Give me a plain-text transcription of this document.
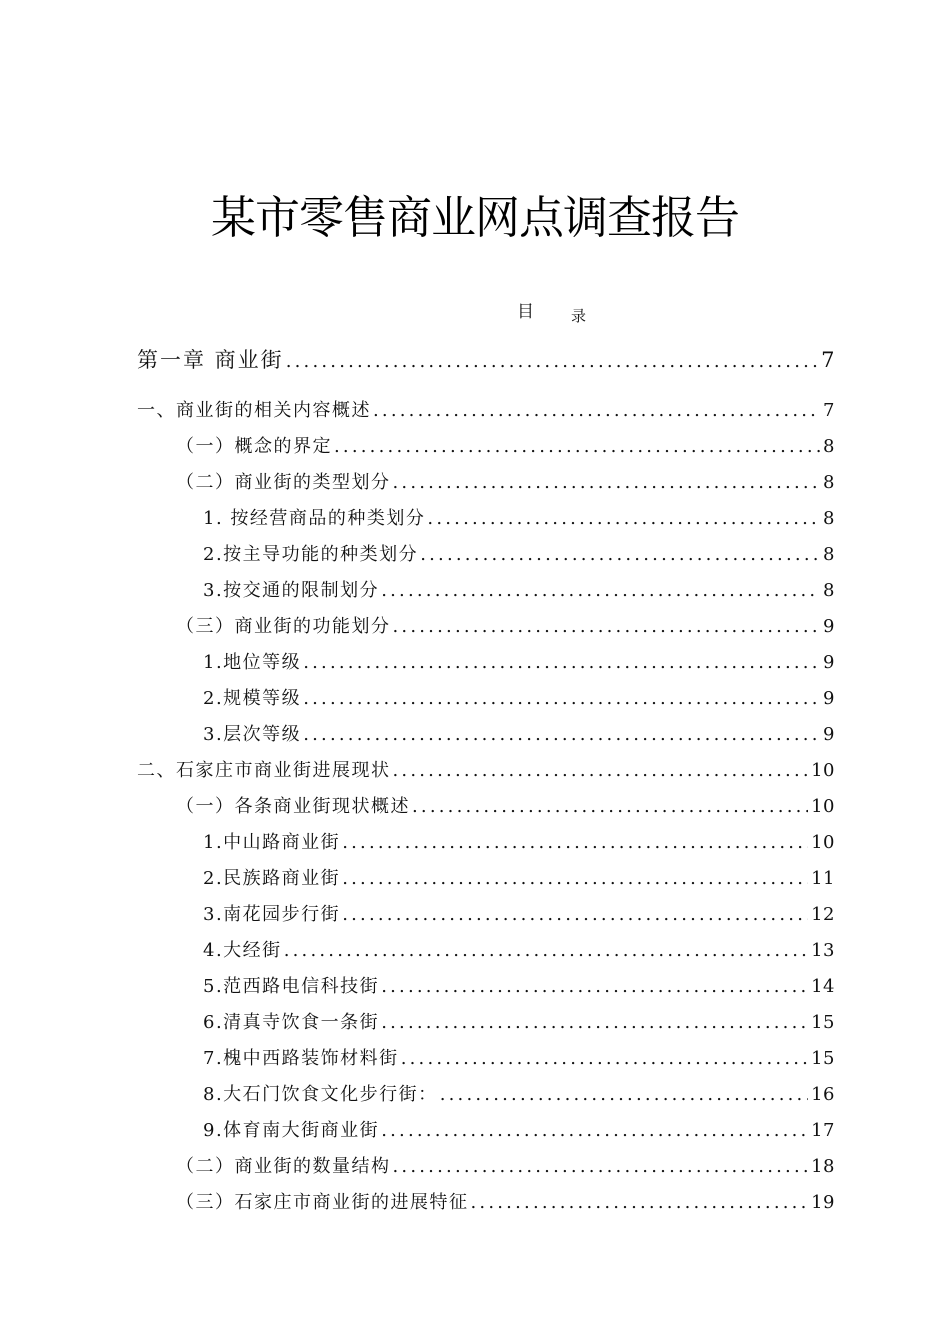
某市零售商业网点调查报告
目 录
第一章 商业街 .....	7
一、商业街的相关内容概述 .....	7
（一）概念的界定 .....	8
（二）商业街的类型划分 .....	8
1. 按经营商品的种类划分 .....	8
2.按主导功能的种类划分 .....	8
3.按交通的限制划分 .....	8
（三）商业街的功能划分 .....	9
1.地位等级 .....	9
2.规模等级 .....	9
3.层次等级 .....	9
二、石家庄市商业街进展现状 .....	10
（一）各条商业街现状概述 .....	10
1.中山路商业街 .....	10
2.民族路商业街 .....	11
3.南花园步行街 .....	12
4.大经街 .....	13
5.范西路电信科技街 .....	14
6.清真寺饮食一条街 .....	15
7.槐中西路装饰材料街 .....	15
8.大石门饮食文化步行街： .....	16
9.体育南大街商业街 .....	17
（二）商业街的数量结构 .....	18
（三）石家庄市商业街的进展特征 .....	19
